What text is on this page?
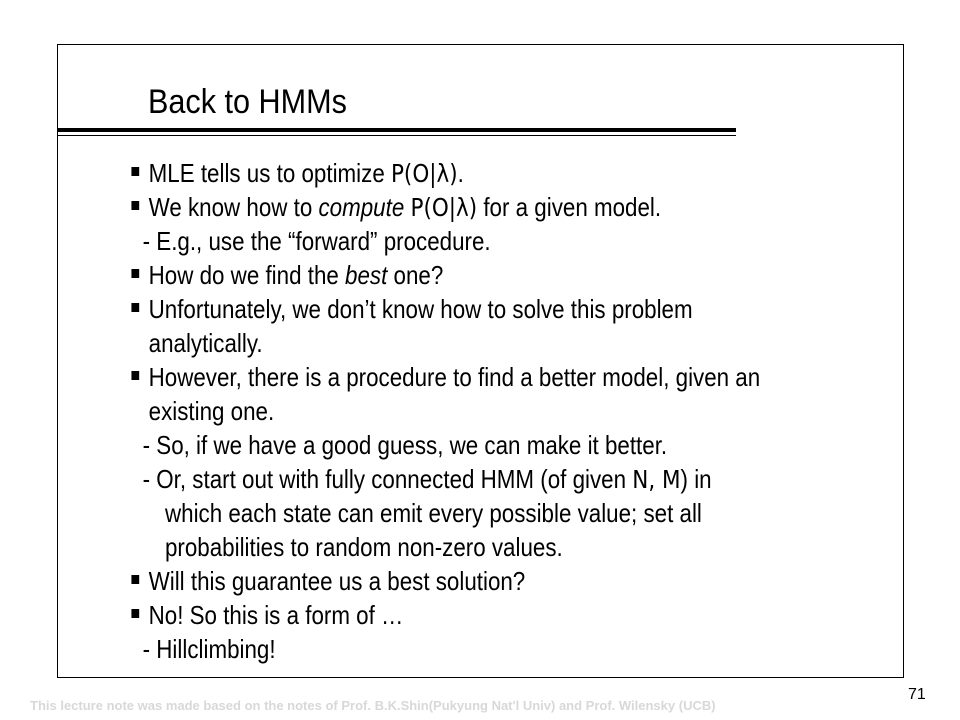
Back to HMMs
MLE tells us to optimize P(O|λ).
We know how to compute P(O|λ) for a given model.
- E.g., use the “forward” procedure.
How do we find the best one?
Unfortunately, we don’t know how to solve this problem
analytically.
However, there is a procedure to find a better model, given an
existing one.
- So, if we have a good guess, we can make it better.
- Or, start out with fully connected HMM (of given N, M) in
which each state can emit every possible value; set all
probabilities to random non-zero values.
Will this guarantee us a best solution?
No! So this is a form of …
- Hillclimbing!
This lecture note was made based on the notes of Prof. B.K.Shin(Pukyung Nat'l Univ) and Prof. Wilensky (UCB)
71
